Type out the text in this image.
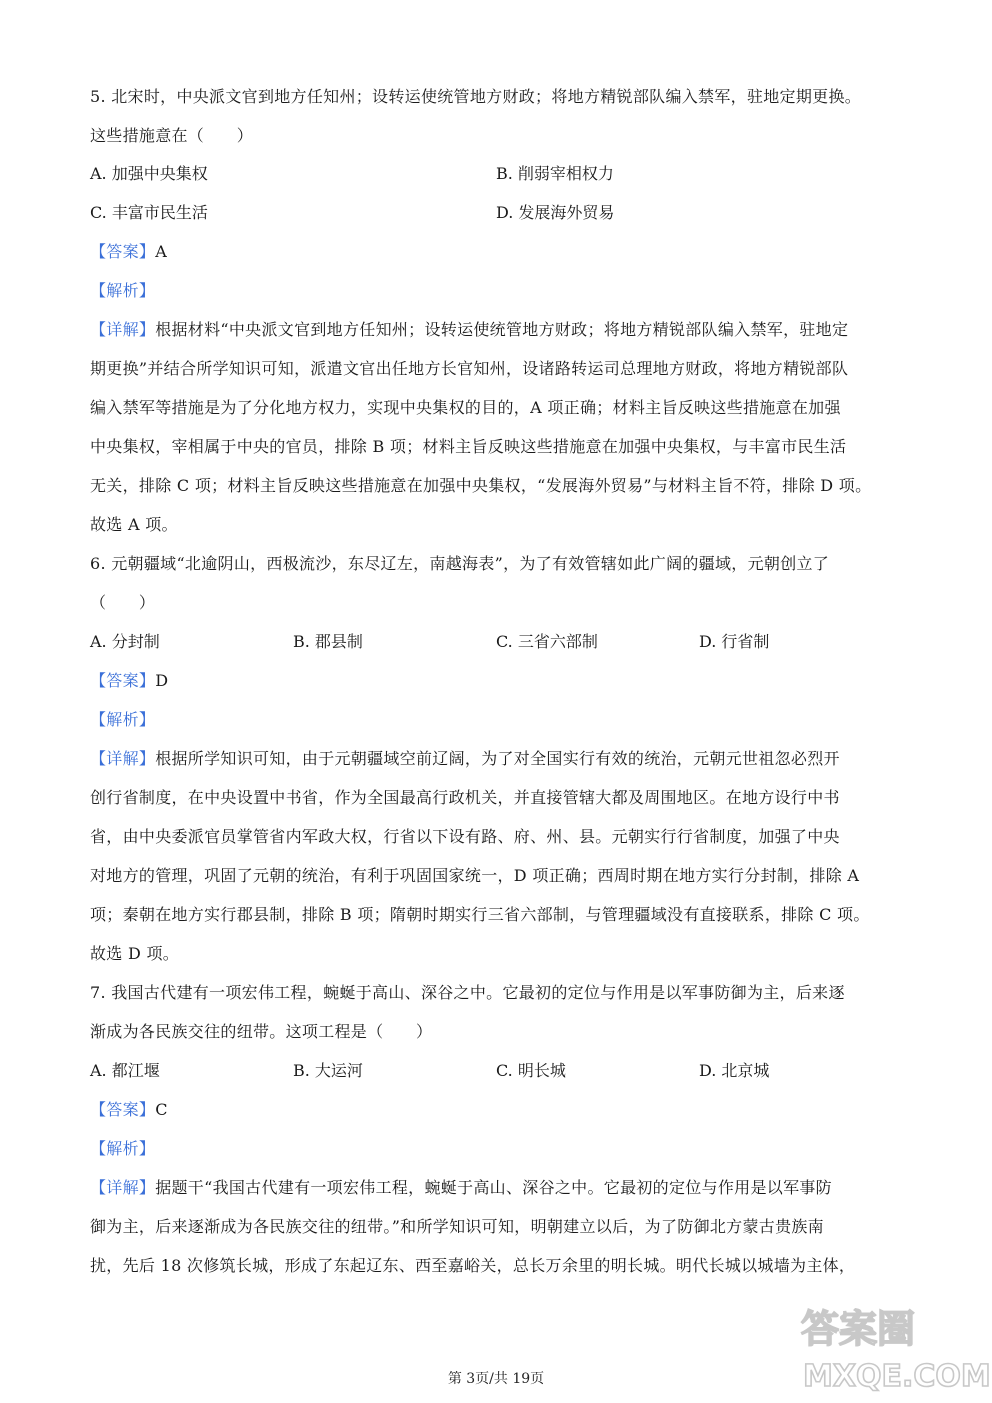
5. 北宋时，中央派文官到地方任知州；设转运使统管地方财政；将地方精锐部队编入禁军，驻地定期更换。
这些措施意在（　　）
A. 加强中央集权	B. 削弱宰相权力
C. 丰富市民生活	D. 发展海外贸易
【答案】A
【解析】
【详解】根据材料“中央派文官到地方任知州；设转运使统管地方财政；将地方精锐部队编入禁军，驻地定
期更换”并结合所学知识可知，派遣文官出任地方长官知州，设诸路转运司总理地方财政，将地方精锐部队
编入禁军等措施是为了分化地方权力，实现中央集权的目的，A 项正确；材料主旨反映这些措施意在加强
中央集权，宰相属于中央的官员，排除 B 项；材料主旨反映这些措施意在加强中央集权，与丰富市民生活
无关，排除 C 项；材料主旨反映这些措施意在加强中央集权，“发展海外贸易”与材料主旨不符，排除 D 项。
故选 A 项。
6. 元朝疆域“北逾阴山，西极流沙，东尽辽左，南越海表”，为了有效管辖如此广阔的疆域，元朝创立了
（　　）
A. 分封制	B. 郡县制	C. 三省六部制	D. 行省制
【答案】D
【解析】
【详解】根据所学知识可知，由于元朝疆域空前辽阔，为了对全国实行有效的统治，元朝元世祖忽必烈开
创行省制度，在中央设置中书省，作为全国最高行政机关，并直接管辖大都及周围地区。在地方设行中书
省，由中央委派官员掌管省内军政大权，行省以下设有路、府、州、县。元朝实行行省制度，加强了中央
对地方的管理，巩固了元朝的统治，有利于巩固国家统一，D 项正确；西周时期在地方实行分封制，排除 A
项；秦朝在地方实行郡县制，排除 B 项；隋朝时期实行三省六部制，与管理疆域没有直接联系，排除 C 项。
故选 D 项。
7. 我国古代建有一项宏伟工程，蜿蜒于高山、深谷之中。它最初的定位与作用是以军事防御为主，后来逐
渐成为各民族交往的纽带。这项工程是（　　）
A. 都江堰	B. 大运河	C. 明长城	D. 北京城
【答案】C
【解析】
【详解】据题干“我国古代建有一项宏伟工程，蜿蜒于高山、深谷之中。它最初的定位与作用是以军事防
御为主，后来逐渐成为各民族交往的纽带。”和所学知识可知，明朝建立以后，为了防御北方蒙古贵族南
扰，先后 18 次修筑长城，形成了东起辽东、西至嘉峪关，总长万余里的明长城。明代长城以城墙为主体，
第 3页/共 19页
答案圈
MXQE.COM
